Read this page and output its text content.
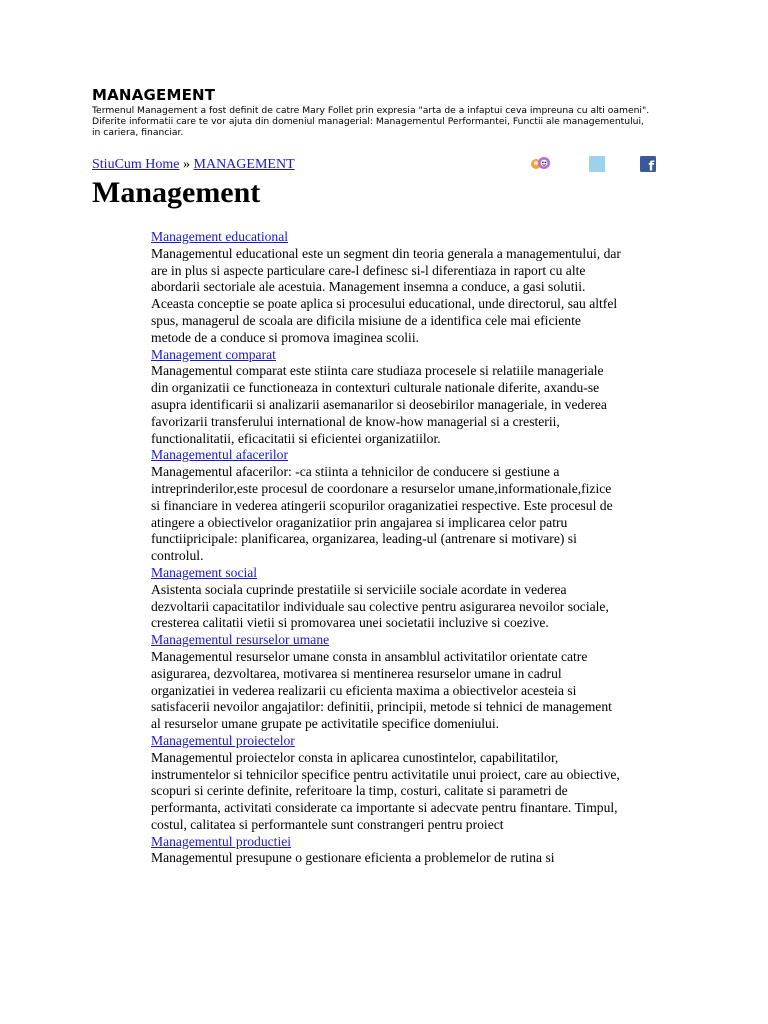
MANAGEMENT

Termenul Management a fost definit de catre Mary Follet prin expresia "arta de a infaptui ceva impreuna cu alti oameni". Diferite informatii care te vor ajuta din domeniul managerial: Managementul Performantei, Functii ale managementului, in cariera, financiar.

StiuCum Home » MANAGEMENT	f
Management
Management educational

Managementul educational este un segment din teoria generala a managementului, dar are in plus si aspecte particulare care-l definesc si-l diferentiaza in raport cu alte abordarii sectoriale ale acestuia. Management insemna a conduce, a gasi solutii. Aceasta conceptie se poate aplica si procesului educational, unde directorul, sau altfel spus, managerul de scoala are dificila misiune de a identifica cele mai eficiente metode de a conduce si promova imaginea scolii.

Management comparat

Managementul comparat este stiinta care studiaza procesele si relatiile manageriale din organizatii ce functioneaza in contexturi culturale nationale diferite, axandu-se asupra identificarii si analizarii asemanarilor si deosebirilor manageriale, in vederea favorizarii transferului international de know-how managerial si a cresterii, functionalitatii, eficacitatii si eficientei organizatiilor.

Managementul afacerilor

Managementul afacerilor: -ca stiinta a tehnicilor de conducere si gestiune a intreprinderilor,este procesul de coordonare a resurselor umane,informationale,fizice si financiare in vederea atingerii scopurilor oraganizatiei respective. Este procesul de atingere a obiectivelor oraganizatiior prin angajarea si implicarea celor patru functiipricipale: planificarea, organizarea, leading-ul (antrenare si motivare) si controlul.

Management social

Asistenta sociala cuprinde prestatiile si serviciile sociale acordate in vederea dezvoltarii capacitatilor individuale sau colective pentru asigurarea nevoilor sociale, cresterea calitatii vietii si promovarea unei societatii incluzive si coezive.

Managementul resurselor umane

Managementul resurselor umane consta in ansamblul activitatilor orientate catre asigurarea, dezvoltarea, motivarea si mentinerea resurselor umane in cadrul organizatiei in vederea realizarii cu eficienta maxima a obiectivelor acesteia si satisfacerii nevoilor angajatilor: definitii, principii, metode si tehnici de management al resurselor umane grupate pe activitatile specifice domeniului.

Managementul proiectelor

Managementul proiectelor consta in aplicarea cunostintelor, capabilitatilor, instrumentelor si tehnicilor specifice pentru activitatile unui proiect, care au obiective, scopuri si cerinte definite, referitoare la timp, costuri, calitate si parametri de performanta, activitati considerate ca importante si adecvate pentru finantare. Timpul, costul, calitatea si performantele sunt constrangeri pentru proiect

Managementul productiei

Managementul presupune o gestionare eficienta a problemelor de rutina si
